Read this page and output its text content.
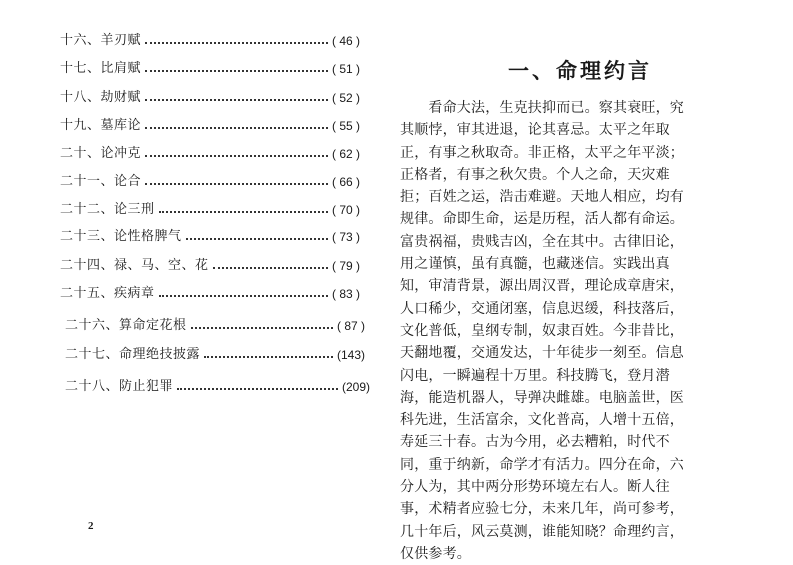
十六、羊刃赋	( 46 )
十七、比肩赋	( 51 )
十八、劫财赋	( 52 )
十九、墓库论	( 55 )
二十、论冲克	( 62 )
二十一、论合	( 66 )
二十二、论三刑	( 70 )
二十三、论性格脾气	( 73 )
二十四、禄、马、空、花	( 79 )
二十五、疾病章	( 83 )
二十六、算命定花根	( 87 )
二十七、命理绝技披露	(143)
二十八、防止犯罪	(209)
2
一、命理约言
　　看命大法，生克扶抑而已。察其衰旺，究
其顺悖，审其进退，论其喜忌。太平之年取
正，有事之秋取奇。非正格，太平之年平淡；
正格者，有事之秋欠贵。个人之命，天灾难
拒；百姓之运，浩击难避。天地人相应，均有
规律。命即生命，运是历程，活人都有命运。
富贵祸福，贵贱吉凶，全在其中。古律旧论，
用之谨慎，虽有真髓，也藏迷信。实践出真
知，审清背景，源出周汉晋，理论成章唐宋，
人口稀少，交通闭塞，信息迟缓，科技落后，
文化普低，皇纲专制，奴隶百姓。今非昔比，
天翻地覆，交通发达，十年徒步一刻至。信息
闪电，一瞬遍程十万里。科技腾飞，登月潜
海，能造机器人，导弹决雌雄。电脑盖世，医
科先进，生活富余，文化普高，人增十五倍，
寿延三十春。古为今用，必去糟粕，时代不
同，重于纳新，命学才有活力。四分在命，六
分人为，其中两分形势环境左右人。断人往
事，术精者应验七分，未来几年，尚可参考，
几十年后，风云莫测，谁能知晓？命理约言，
仅供参考。
